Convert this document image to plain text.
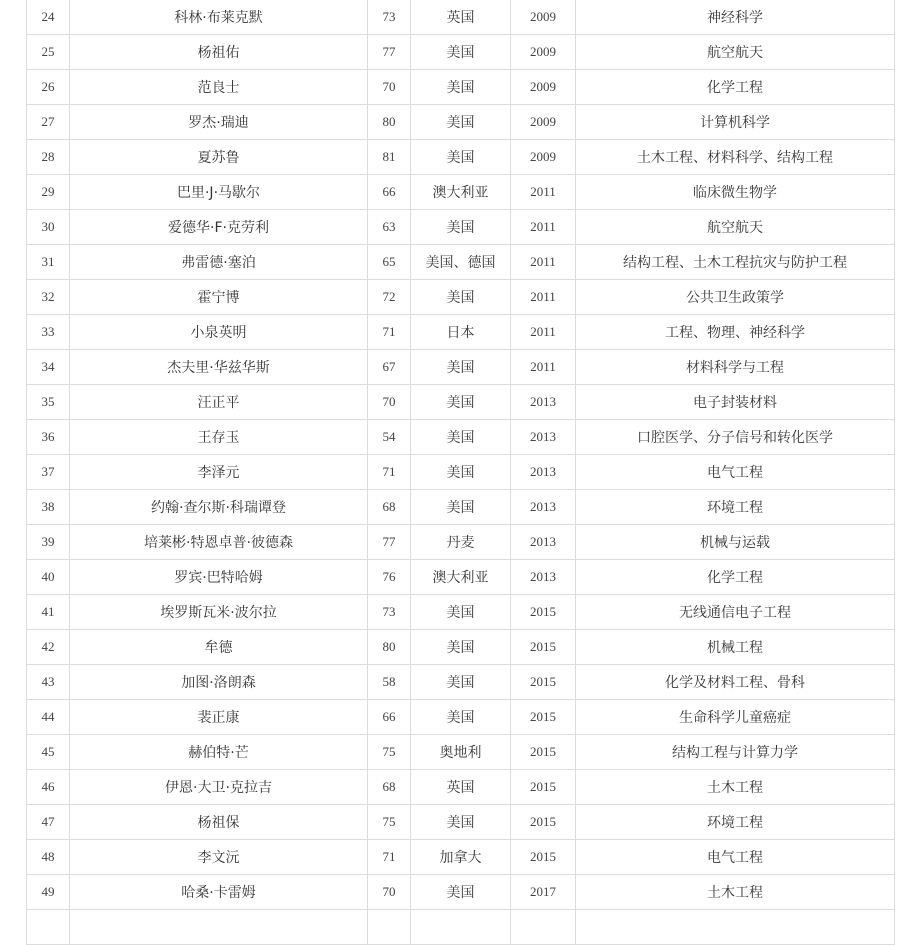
24	科林·布莱克默	73	英国	2009	神经科学
25	杨祖佑	77	美国	2009	航空航天
26	范良士	70	美国	2009	化学工程
27	罗杰·瑞迪	80	美国	2009	计算机科学
28	夏苏鲁	81	美国	2009	土木工程、材料科学、结构工程
29	巴里·J·马歇尔	66	澳大利亚	2011	临床微生物学
30	爱德华·F·克劳利	63	美国	2011	航空航天
31	弗雷德·塞泊	65	美国、德国	2011	结构工程、土木工程抗灾与防护工程
32	霍宁博	72	美国	2011	公共卫生政策学
33	小泉英明	71	日本	2011	工程、物理、神经科学
34	杰夫里·华兹华斯	67	美国	2011	材料科学与工程
35	汪正平	70	美国	2013	电子封装材料
36	王存玉	54	美国	2013	口腔医学、分子信号和转化医学
37	李泽元	71	美国	2013	电气工程
38	约翰·查尔斯·科瑞谭登	68	美国	2013	环境工程
39	培莱彬·特恩卓普·彼德森	77	丹麦	2013	机械与运载
40	罗宾·巴特哈姆	76	澳大利亚	2013	化学工程
41	埃罗斯瓦米·波尔拉	73	美国	2015	无线通信电子工程
42	牟德	80	美国	2015	机械工程
43	加图·洛朗森	58	美国	2015	化学及材料工程、骨科
44	裴正康	66	美国	2015	生命科学儿童癌症
45	赫伯特·芒	75	奥地利	2015	结构工程与计算力学
46	伊恩·大卫·克拉吉	68	英国	2015	土木工程
47	杨祖保	75	美国	2015	环境工程
48	李文沅	71	加拿大	2015	电气工程
49	哈桑·卡雷姆	70	美国	2017	土木工程
